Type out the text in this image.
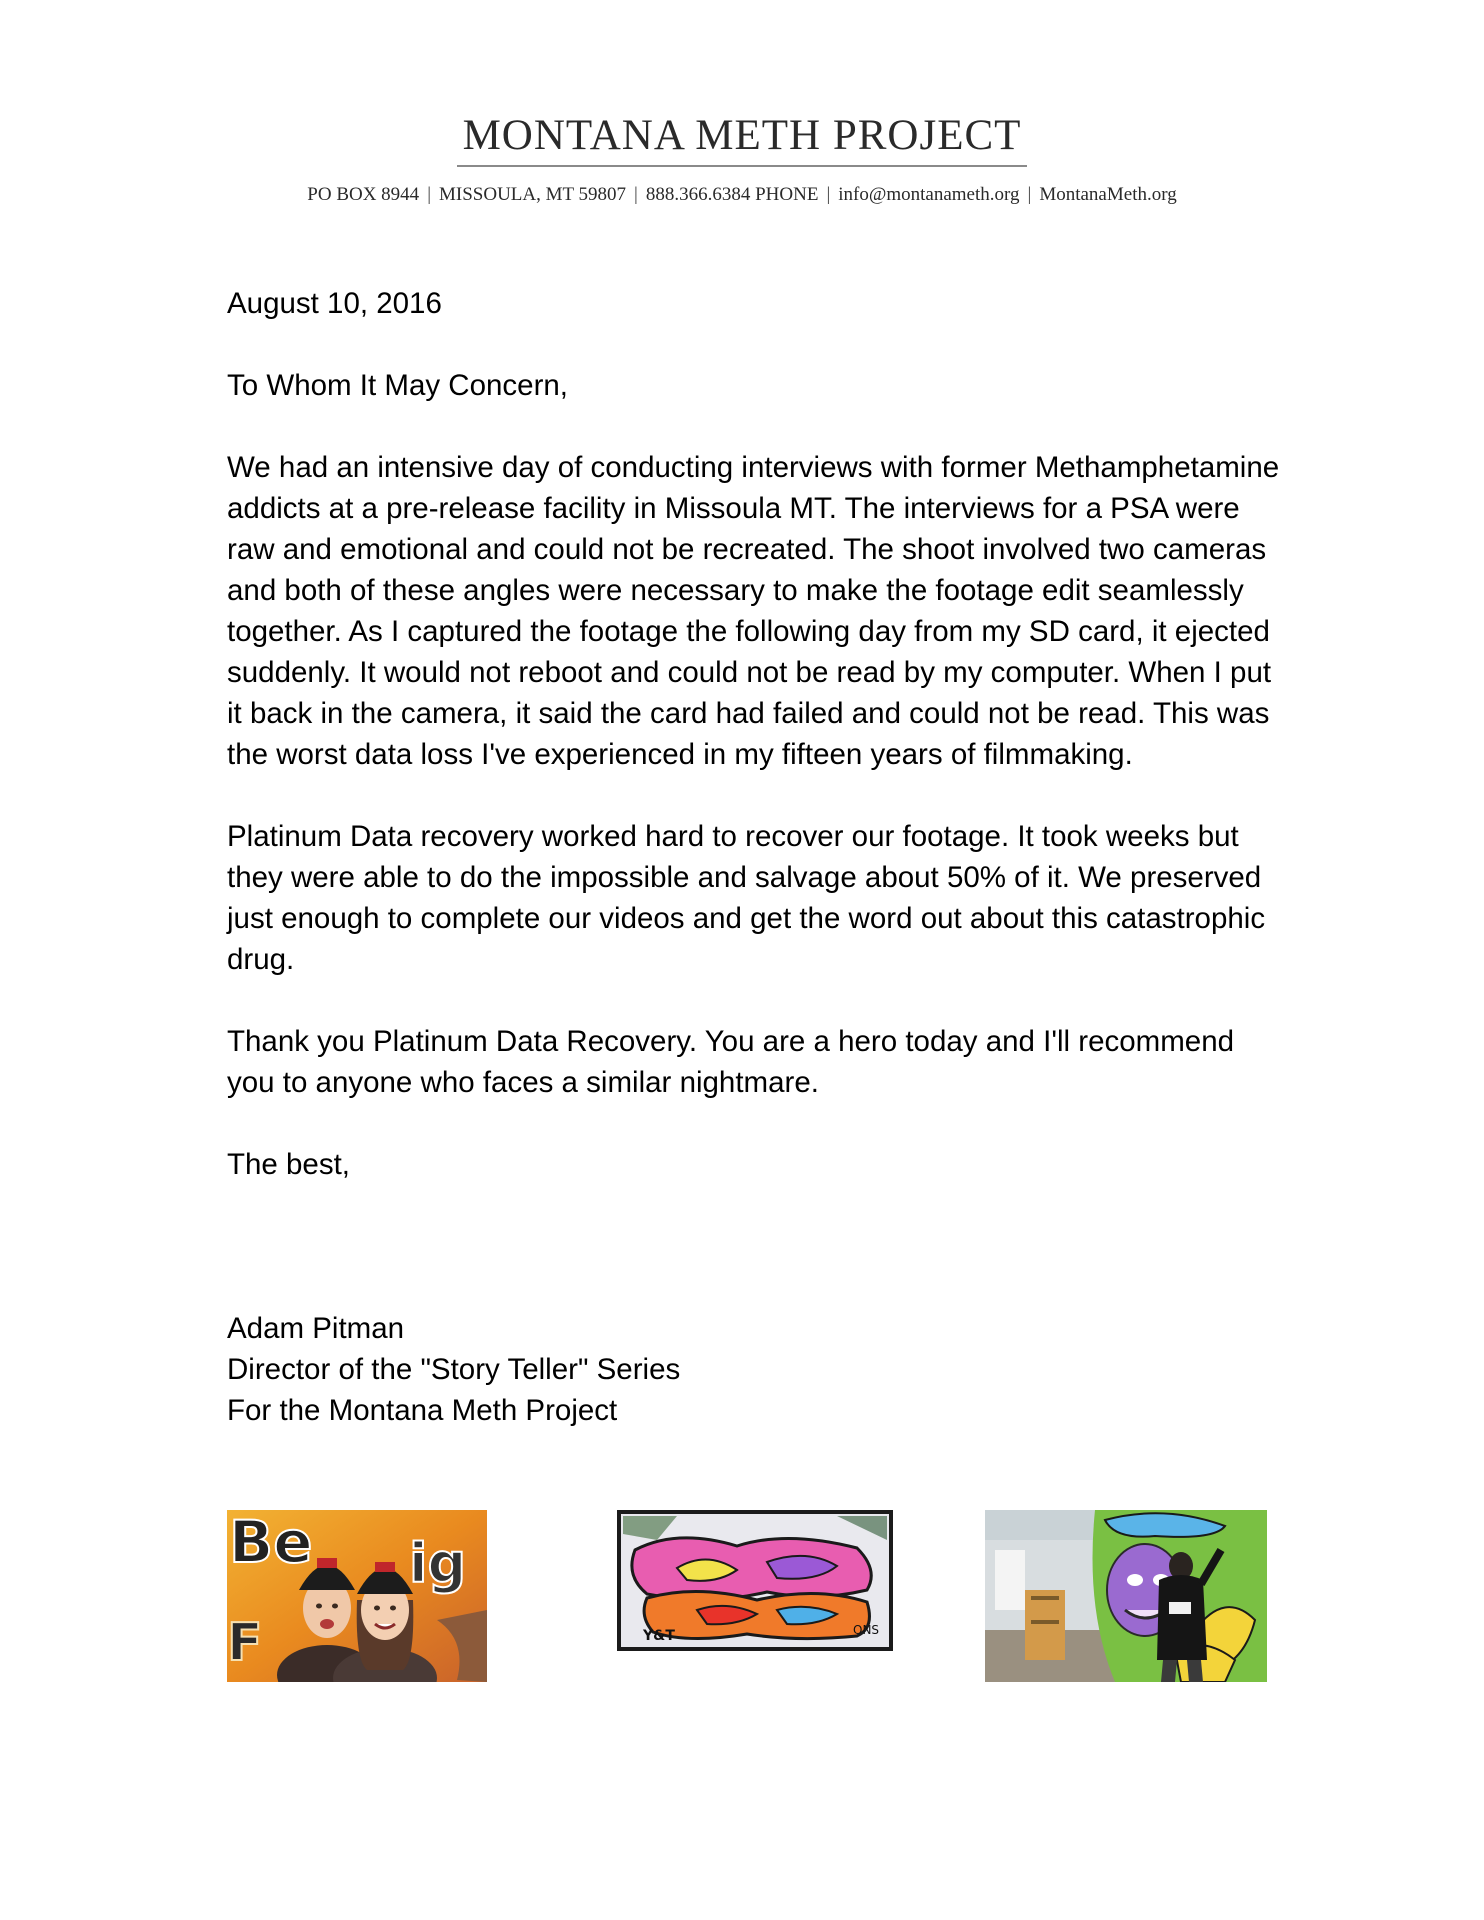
MONTANA METH PROJECT
PO BOX 8944 | MISSOULA, MT 59807 | 888.366.6384 PHONE | info@montanameth.org | MontanaMeth.org

August 10, 2016

To Whom It May Concern,

We had an intensive day of conducting interviews with former Methamphetamine addicts at a pre-release facility in Missoula MT. The interviews for a PSA were raw and emotional and could not be recreated. The shoot involved two cameras and both of these angles were necessary to make the footage edit seamlessly together. As I captured the footage the following day from my SD card, it ejected suddenly. It would not reboot and could not be read by my computer. When I put it back in the camera, it said the card had failed and could not be read. This was the worst data loss I've experienced in my fifteen years of filmmaking.

Platinum Data recovery worked hard to recover our footage. It took weeks but they were able to do the impossible and salvage about 50% of it. We preserved just enough to complete our videos and get the word out about this catastrophic drug.

Thank you Platinum Data Recovery. You are a hero today and I'll recommend you to anyone who faces a similar nightmare.

The best,

Adam Pitman
Director of the "Story Teller" Series
For the Montana Meth Project
Be ig
F	Y&T	ONS
